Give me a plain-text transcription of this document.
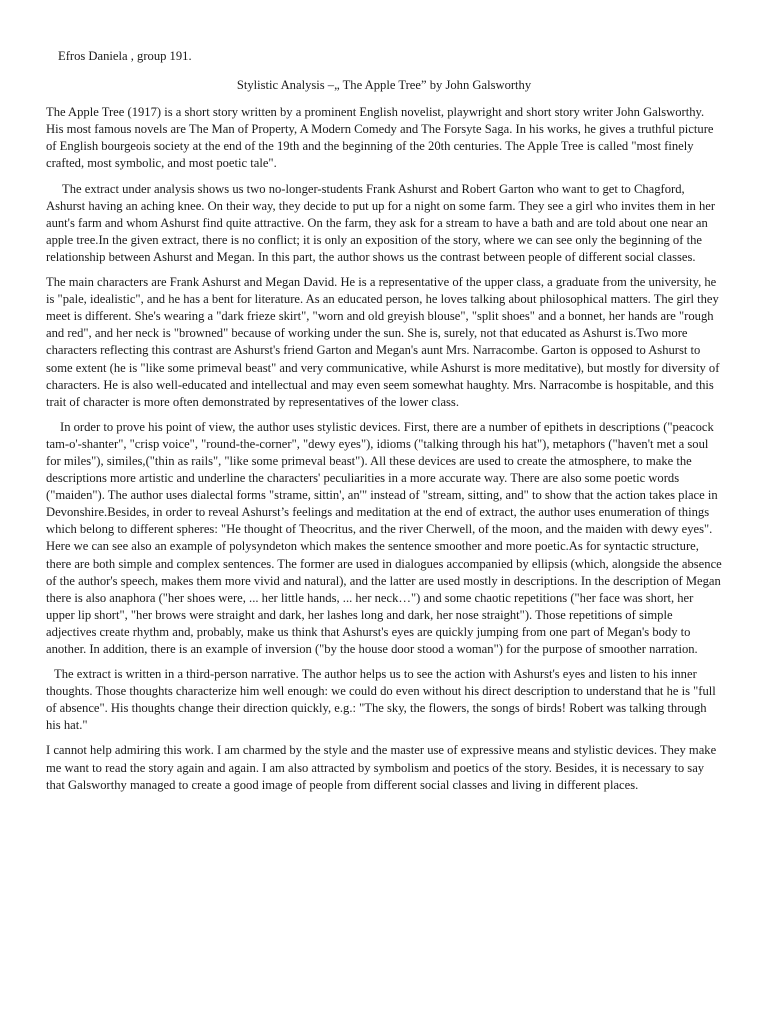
Efros Daniela , group 191.

Stylistic Analysis –„ The Apple Tree” by John Galsworthy

The Apple Tree (1917) is a short story written by a prominent English novelist, playwright and short story writer John Galsworthy. His most famous novels are The Man of Property, A Modern Comedy and The Forsyte Saga. In his works, he gives a truthful picture of English bourgeois society at the end of the 19th and the beginning of the 20th centuries. The Apple Tree is called "most finely crafted, most symbolic, and most poetic tale".

The extract under analysis shows us two no-longer-students Frank Ashurst and Robert Garton who want to get to Chagford, Ashurst having an aching knee. On their way, they decide to put up for a night on some farm. They see a girl who invites them in her aunt's farm and whom Ashurst find quite attractive. On the farm, they ask for a stream to have a bath and are told about one near an apple tree.In the given extract, there is no conflict; it is only an exposition of the story, where we can see only the beginning of the relationship between Ashurst and Megan. In this part, the author shows us the contrast between people of different social classes.

The main characters are Frank Ashurst and Megan David. He is a representative of the upper class, a graduate from the university, he is "pale, idealistic", and he has a bent for literature. As an educated person, he loves talking about philosophical matters. The girl they meet is different. She's wearing a "dark frieze skirt", "worn and old greyish blouse", "split shoes" and a bonnet, her hands are "rough and red", and her neck is "browned" because of working under the sun. She is, surely, not that educated as Ashurst is.Two more characters reflecting this contrast are Ashurst's friend Garton and Megan's aunt Mrs. Narracombe. Garton is opposed to Ashurst to some extent (he is "like some primeval beast" and very communicative, while Ashurst is more meditative), but mostly for diversity of characters. He is also well-educated and intellectual and may even seem somewhat haughty. Mrs. Narracombe is hospitable, and this trait of character is more often demonstrated by representatives of the lower class.

In order to prove his point of view, the author uses stylistic devices. First, there are a number of epithets in descriptions ("peacock tam-o'-shanter", "crisp voice", "round-the-corner", "dewy eyes"), idioms ("talking through his hat"), metaphors ("haven't met a soul for miles"), similes,("thin as rails", "like some primeval beast"). All these devices are used to create the atmosphere, to make the descriptions more artistic and underline the characters' peculiarities in a more accurate way. There are also some poetic words ("maiden"). The author uses dialectal forms "strame, sittin', an'" instead of "stream, sitting, and" to show that the action takes place in Devonshire.Besides, in order to reveal Ashurst’s feelings and meditation at the end of extract, the author uses enumeration of things which belong to different spheres: "He thought of Theocritus, and the river Cherwell, of the moon, and the maiden with dewy eyes". Here we can see also an example of polysyndeton which makes the sentence smoother and more poetic.As for syntactic structure, there are both simple and complex sentences. The former are used in dialogues accompanied by ellipsis (which, alongside the absence of the author's speech, makes them more vivid and natural), and the latter are used mostly in descriptions. In the description of Megan there is also anaphora ("her shoes were, ... her little hands, ... her neck…") and some chaotic repetitions ("her face was short, her upper lip short", "her brows were straight and dark, her lashes long and dark, her nose straight"). Those repetitions of simple adjectives create rhythm and, probably, make us think that Ashurst's eyes are quickly jumping from one part of Megan's body to another. In addition, there is an example of inversion ("by the house door stood a woman") for the purpose of smoother narration.

The extract is written in a third-person narrative. The author helps us to see the action with Ashurst's eyes and listen to his inner thoughts. Those thoughts characterize him well enough: we could do even without his direct description to understand that he is "full of absence". His thoughts change their direction quickly, e.g.: "The sky, the flowers, the songs of birds! Robert was talking through his hat."

I cannot help admiring this work. I am charmed by the style and the master use of expressive means and stylistic devices. They make me want to read the story again and again. I am also attracted by symbolism and poetics of the story. Besides, it is necessary to say that Galsworthy managed to create a good image of people from different social classes and living in different places.
